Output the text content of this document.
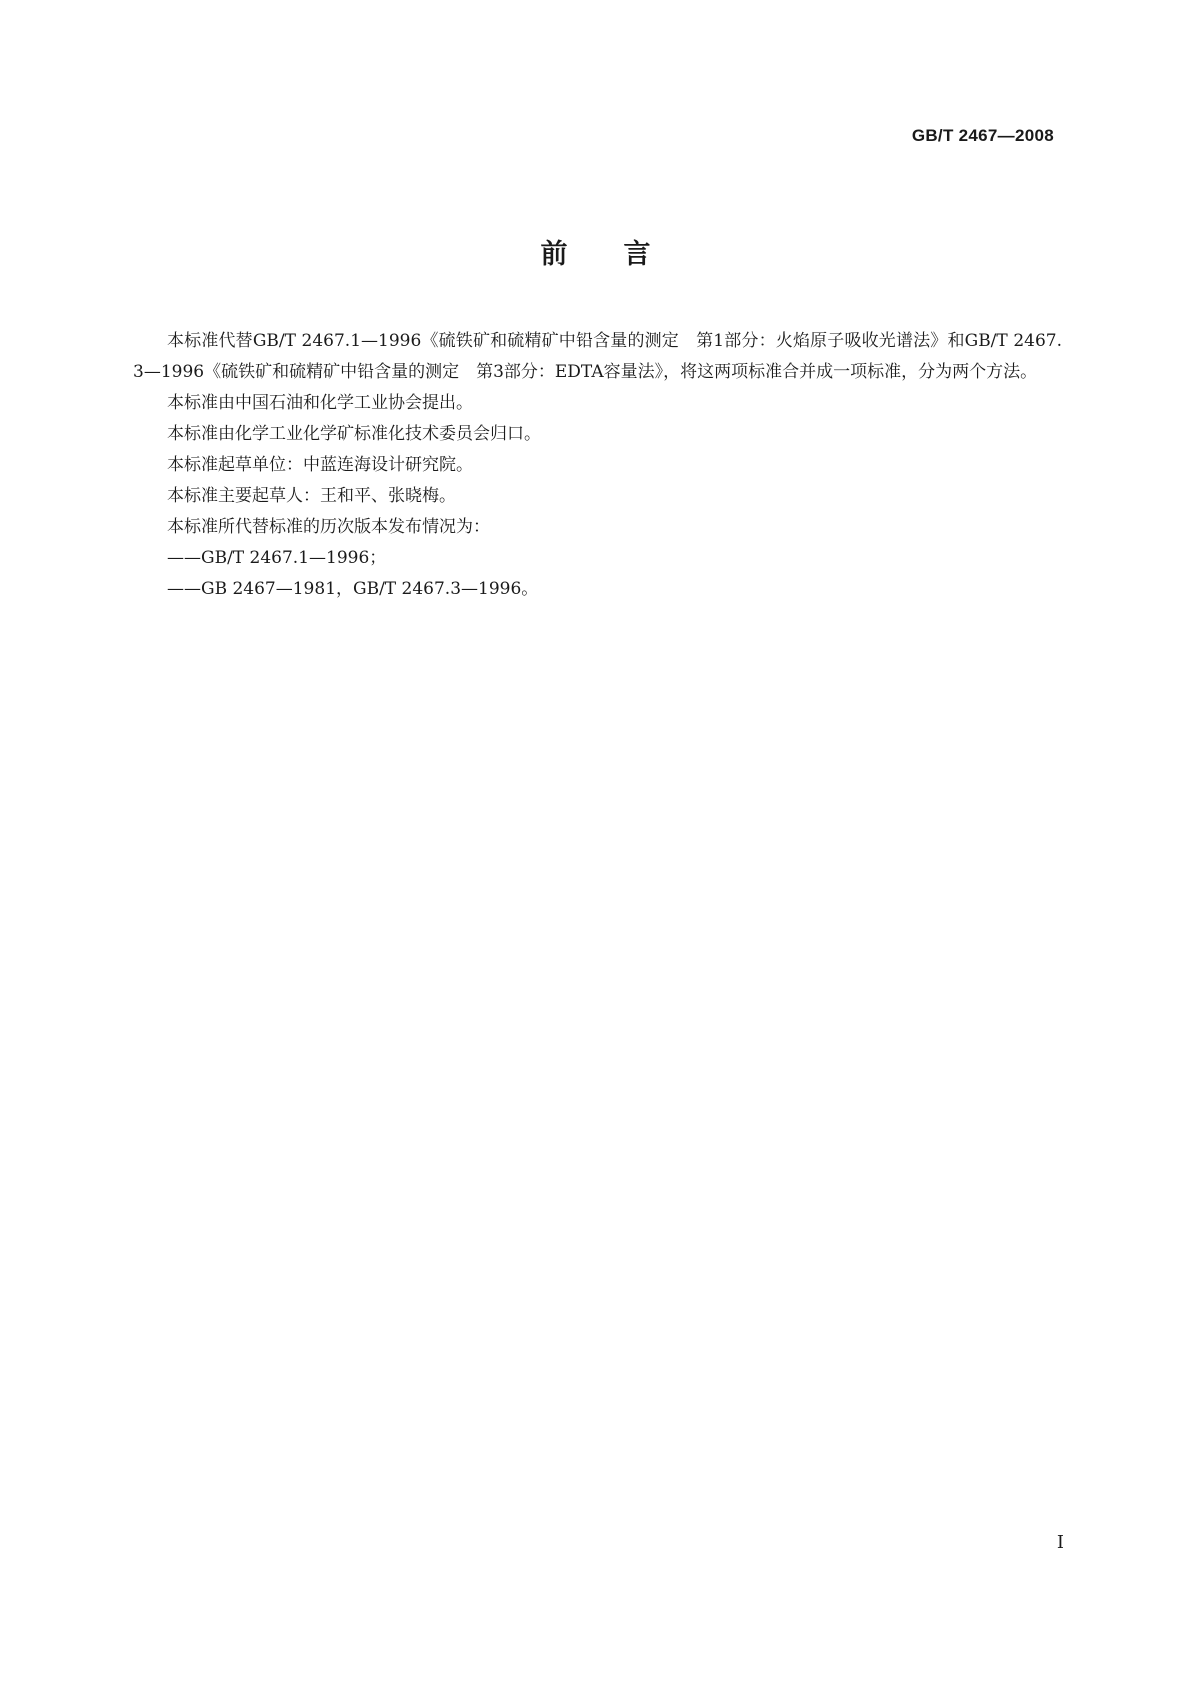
GB/T 2467—2008
前言

本标准代替GB/T 2467.1—1996《硫铁矿和硫精矿中铅含量的测定　第1部分：火焰原子吸收光谱法》和GB/T 2467.3—1996《硫铁矿和硫精矿中铅含量的测定　第3部分：EDTA容量法》，将这两项标准合并成一项标准，分为两个方法。

本标准由中国石油和化学工业协会提出。

本标准由化学工业化学矿标准化技术委员会归口。

本标准起草单位：中蓝连海设计研究院。

本标准主要起草人：王和平、张晓梅。

本标准所代替标准的历次版本发布情况为：

——GB/T 2467.1—1996；

——GB 2467—1981，GB/T 2467.3—1996。

I
